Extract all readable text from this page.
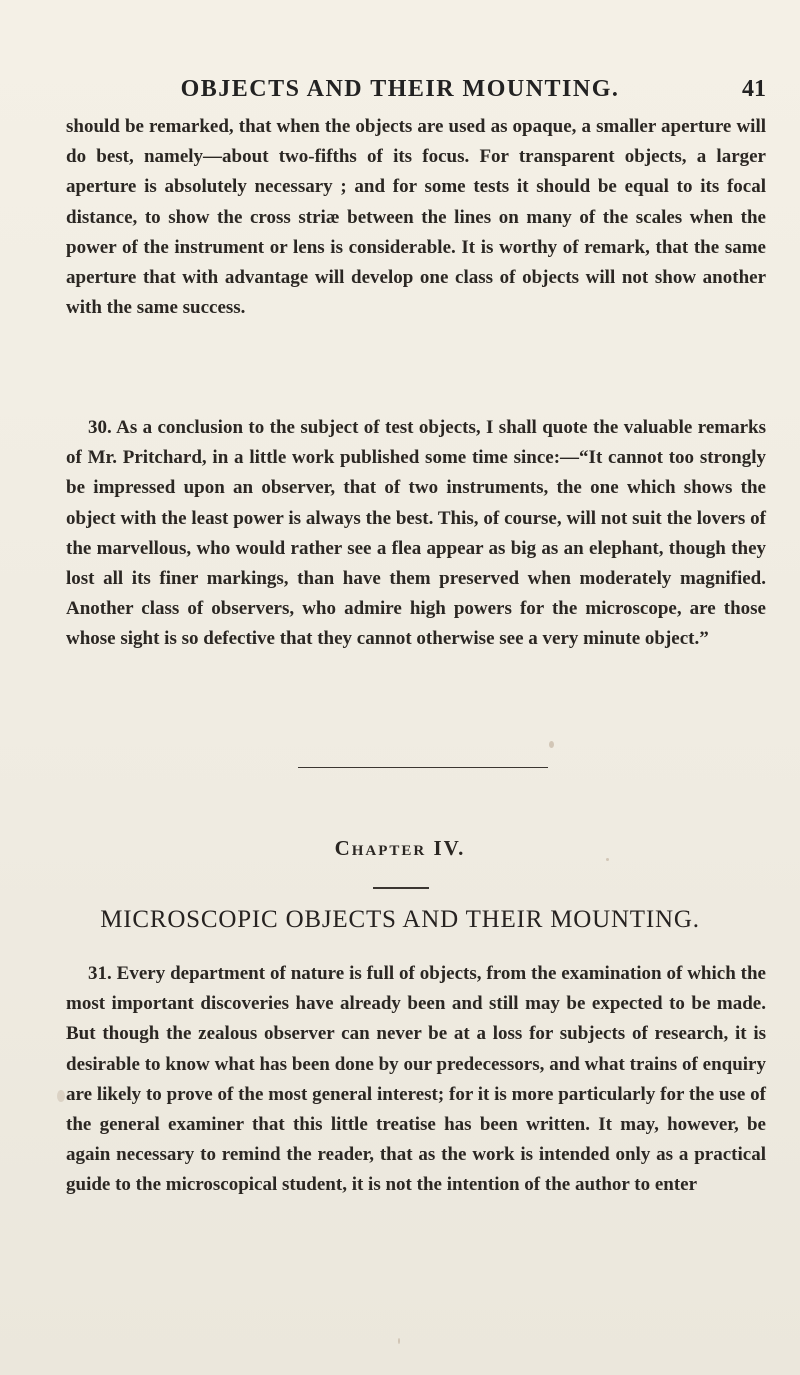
OBJECTS AND THEIR MOUNTING.	41

should be remarked, that when the objects are used as opaque, a smaller aperture will do best, namely—about two-fifths of its focus. For transparent objects, a larger aperture is absolutely necessary ; and for some tests it should be equal to its focal distance, to show the cross striæ between the lines on many of the scales when the power of the instrument or lens is considerable. It is worthy of remark, that the same aperture that with advantage will develop one class of objects will not show another with the same success.

30. As a conclusion to the subject of test objects, I shall quote the valuable remarks of Mr. Pritchard, in a little work published some time since:—“It cannot too strongly be impressed upon an observer, that of two instruments, the one which shows the object with the least power is always the best. This, of course, will not suit the lovers of the marvellous, who would rather see a flea appear as big as an elephant, though they lost all its finer markings, than have them preserved when moderately magnified. Another class of observers, who admire high powers for the microscope, are those whose sight is so defective that they cannot otherwise see a very minute object.”

Chapter IV.
MICROSCOPIC OBJECTS AND THEIR MOUNTING.

31. Every department of nature is full of objects, from the examination of which the most important discoveries have already been and still may be expected to be made. But though the zealous observer can never be at a loss for subjects of research, it is desirable to know what has been done by our predecessors, and what trains of enquiry are likely to prove of the most general interest; for it is more particularly for the use of the general examiner that this little treatise has been written. It may, however, be again necessary to remind the reader, that as the work is intended only as a practical guide to the microscopical student, it is not the intention of the author to enter
